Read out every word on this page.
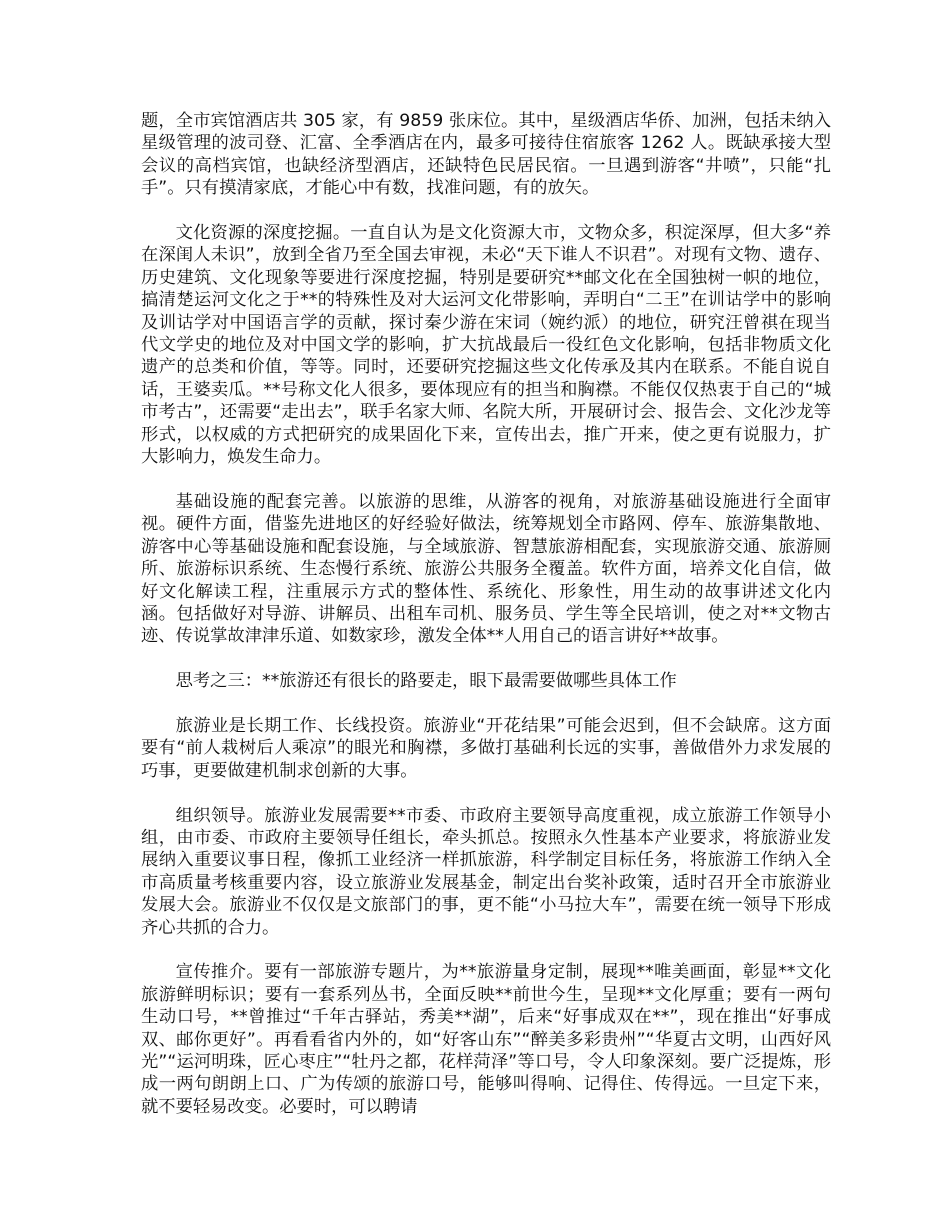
题，全市宾馆酒店共 305 家，有 9859 张床位。其中，星级酒店华侨、加洲，包括未纳入星级管理的波司登、汇富、全季酒店在内，最多可接待住宿旅客 1262 人。既缺承接大型会议的高档宾馆，也缺经济型酒店，还缺特色民居民宿。一旦遇到游客“井喷”，只能“扎手”。只有摸清家底，才能心中有数，找准问题，有的放矢。

文化资源的深度挖掘。一直自认为是文化资源大市，文物众多，积淀深厚，但大多“养在深闺人未识”，放到全省乃至全国去审视，未必“天下谁人不识君”。对现有文物、遗存、历史建筑、文化现象等要进行深度挖掘，特别是要研究**邮文化在全国独树一帜的地位，搞清楚运河文化之于**的特殊性及对大运河文化带影响，弄明白“二王”在训诂学中的影响及训诂学对中国语言学的贡献，探讨秦少游在宋词（婉约派）的地位，研究汪曾祺在现当代文学史的地位及对中国文学的影响，扩大抗战最后一役红色文化影响，包括非物质文化遗产的总类和价值，等等。同时，还要研究挖掘这些文化传承及其内在联系。不能自说自话，王婆卖瓜。**号称文化人很多，要体现应有的担当和胸襟。不能仅仅热衷于自己的“城市考古”，还需要“走出去”，联手名家大师、名院大所，开展研讨会、报告会、文化沙龙等形式，以权威的方式把研究的成果固化下来，宣传出去，推广开来，使之更有说服力，扩大影响力，焕发生命力。

基础设施的配套完善。以旅游的思维，从游客的视角，对旅游基础设施进行全面审视。硬件方面，借鉴先进地区的好经验好做法，统筹规划全市路网、停车、旅游集散地、游客中心等基础设施和配套设施，与全域旅游、智慧旅游相配套，实现旅游交通、旅游厕所、旅游标识系统、生态慢行系统、旅游公共服务全覆盖。软件方面，培养文化自信，做好文化解读工程，注重展示方式的整体性、系统化、形象性，用生动的故事讲述文化内涵。包括做好对导游、讲解员、出租车司机、服务员、学生等全民培训，使之对**文物古迹、传说掌故津津乐道、如数家珍，激发全体**人用自己的语言讲好**故事。

思考之三：**旅游还有很长的路要走，眼下最需要做哪些具体工作

旅游业是长期工作、长线投资。旅游业“开花结果”可能会迟到，但不会缺席。这方面要有“前人栽树后人乘凉”的眼光和胸襟，多做打基础利长远的实事，善做借外力求发展的巧事，更要做建机制求创新的大事。

组织领导。旅游业发展需要**市委、市政府主要领导高度重视，成立旅游工作领导小组，由市委、市政府主要领导任组长，牵头抓总。按照永久性基本产业要求，将旅游业发展纳入重要议事日程，像抓工业经济一样抓旅游，科学制定目标任务，将旅游工作纳入全市高质量考核重要内容，设立旅游业发展基金，制定出台奖补政策，适时召开全市旅游业发展大会。旅游业不仅仅是文旅部门的事，更不能“小马拉大车”，需要在统一领导下形成齐心共抓的合力。

宣传推介。要有一部旅游专题片，为**旅游量身定制，展现**唯美画面，彰显**文化旅游鲜明标识；要有一套系列丛书，全面反映**前世今生，呈现**文化厚重；要有一两句生动口号，**曾推过“千年古驿站，秀美**湖”，后来“好事成双在**”，现在推出“好事成双、邮你更好”。再看看省内外的，如“好客山东”“醉美多彩贵州”“华夏古文明，山西好风光”“运河明珠，匠心枣庄”“牡丹之都，花样菏泽”等口号，令人印象深刻。要广泛提炼，形成一两句朗朗上口、广为传颂的旅游口号，能够叫得响、记得住、传得远。一旦定下来，就不要轻易改变。必要时，可以聘请
